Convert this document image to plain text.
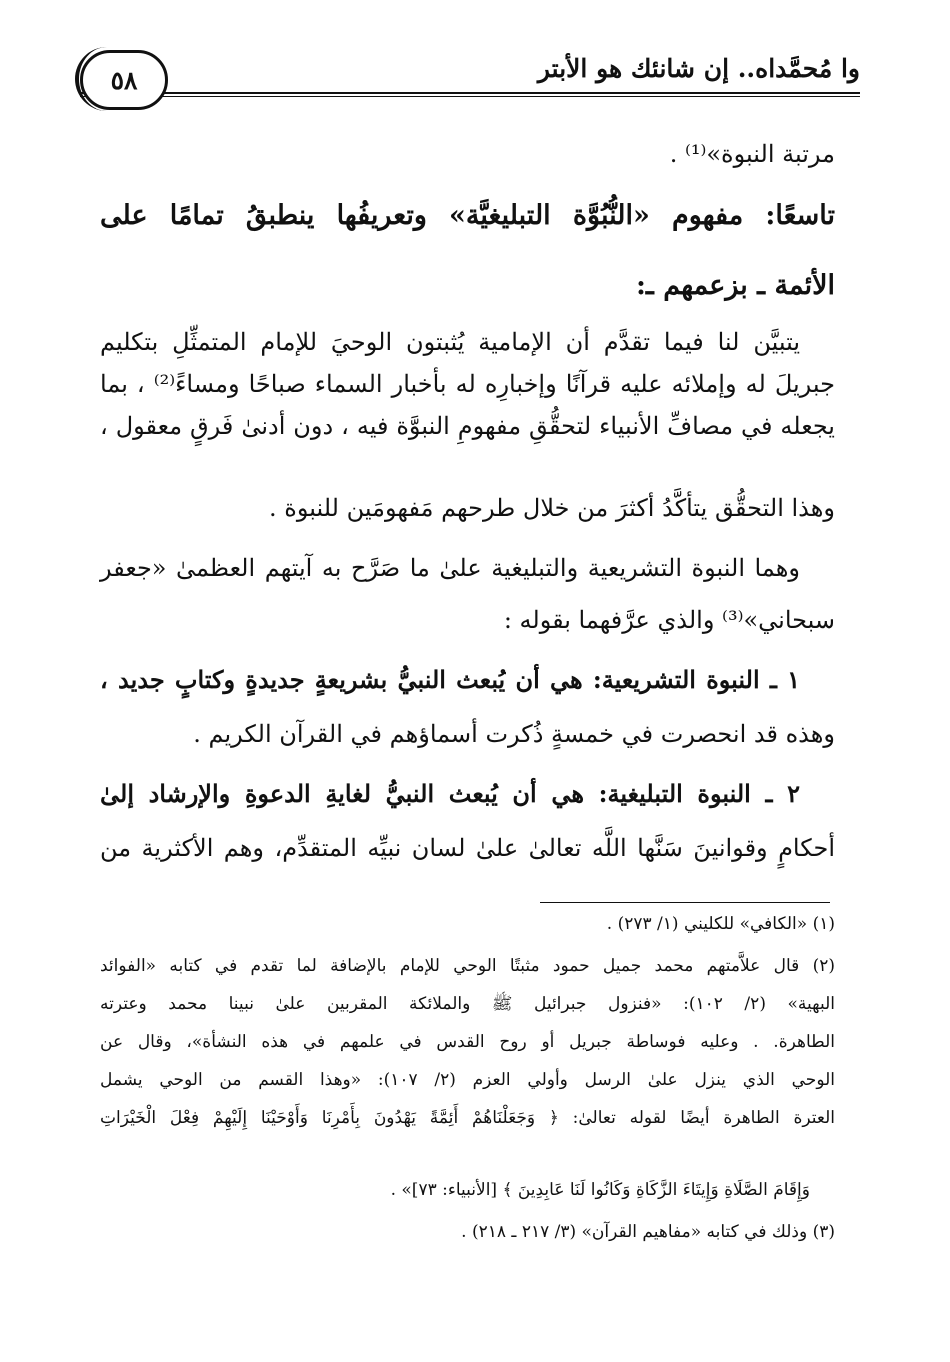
وا مُحمَّداه.. إن شانئك هو الأبتر
٥٨
مرتبة النبوة»⁽¹⁾ .
تاسعًا: مفهوم «النُّبُوَّة التبليغيَّة» وتعريفُها ينطبقُ تمامًا على
الأئمة ـ بزعمهم ـ:
يتبيَّن لنا فيما تقدَّم أن الإمامية يُثبتون الوحيَ للإمام المتمثِّلِ بتكليم
جبريلَ له وإملائه عليه قرآنًا وإخبارِه له بأخبار السماء صباحًا ومساءً⁽²⁾ ، بما
يجعله في مصافِّ الأنبياء لتحقُّقِ مفهومِ النبوَّة فيه ، دون أدنىٰ فَرقٍ معقول ،
وهذا التحقُّق يتأكَّدُ أكثرَ من خلال طرحهم مَفهومَين للنبوة .
وهما النبوة التشريعية والتبليغية علىٰ ما صَرَّح به آيتهم العظمىٰ «جعفر
سبحاني»⁽³⁾ والذي عرَّفهما بقوله :
١ ـ النبوة التشريعية: هي أن يُبعث النبيُّ بشريعةٍ جديدةٍ وكتابٍ جديد ،
وهذه قد انحصرت في خمسةٍ ذُكرت أسماؤهم في القرآن الكريم .
٢ ـ النبوة التبليغية: هي أن يُبعث النبيُّ لغايةِ الدعوةِ والإرشاد إلىٰ
أحكامٍ وقوانينَ سَنَّها اللَّه تعالىٰ علىٰ لسان نبيِّه المتقدِّم، وهم الأكثرية من
(١) «الكافي» للكليني (١/ ٢٧٣) .
(٢) قال علاَّمتهم محمد جميل حمود مثبتًا الوحي للإمام بالإضافة لما تقدم في كتابه «الفوائد
البهية» (٢/ ١٠٢): «فنزول جبرائيل ﷺ والملائكة المقربين علىٰ نبينا محمد وعترته
الطاهرة. . وعليه فوساطة جبريل أو روح القدس في علمهم في هذه النشأة»، وقال عن
الوحي الذي ينزل علىٰ الرسل وأولي العزم (٢/ ١٠٧): «وهذا القسم من الوحي يشمل
العترة الطاهرة أيضًا لقوله تعالىٰ: ﴿ وَجَعَلْنَاهُمْ أَئِمَّةً يَهْدُونَ بِأَمْرِنَا وَأَوْحَيْنَا إِلَيْهِمْ فِعْلَ الْخَيْرَاتِ
وَإِقَامَ الصَّلَاةِ وَإِيتَاءَ الزَّكَاةِ وَكَانُوا لَنَا عَابِدِينَ ﴾ [الأنبياء: ٧٣]» .
(٣) وذلك في كتابه «مفاهيم القرآن» (٣/ ٢١٧ ـ ٢١٨) .
